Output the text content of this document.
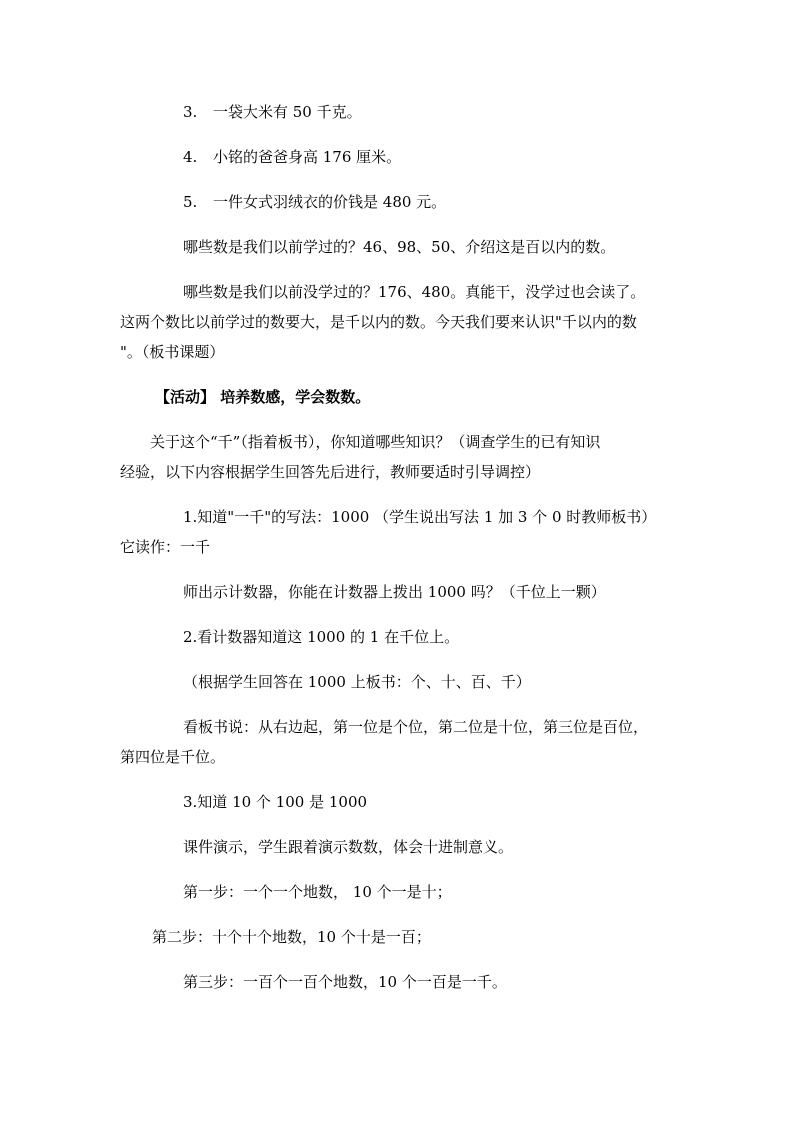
3. 一袋大米有 50 千克。
4. 小铭的爸爸身高 176 厘米。
5. 一件女式羽绒衣的价钱是 480 元。
哪些数是我们以前学过的？46、98、50、介绍这是百以内的数。
哪些数是我们以前没学过的？176、480。真能干，没学过也会读了。
这两个数比以前学过的数要大，是千以内的数。今天我们要来认识"千以内的数
"。（板书课题）
【活动】 培养数感，学会数数。
关于这个“千”（指着板书），你知道哪些知识？（调查学生的已有知识
经验，以下内容根据学生回答先后进行，教师要适时引导调控）
1.知道"一千"的写法：1000 （学生说出写法 1 加 3 个 0 时教师板书）
它读作：一千
师出示计数器，你能在计数器上拨出 1000 吗？（千位上一颗）
2.看计数器知道这 1000 的 1 在千位上。
（根据学生回答在 1000 上板书：个、十、百、千）
看板书说：从右边起，第一位是个位，第二位是十位，第三位是百位，
第四位是千位。
3.知道 10 个 100 是 1000
课件演示，学生跟着演示数数，体会十进制意义。
第一步：一个一个地数， 10 个一是十；
第二步：十个十个地数，10 个十是一百；
第三步：一百个一百个地数，10 个一百是一千。
